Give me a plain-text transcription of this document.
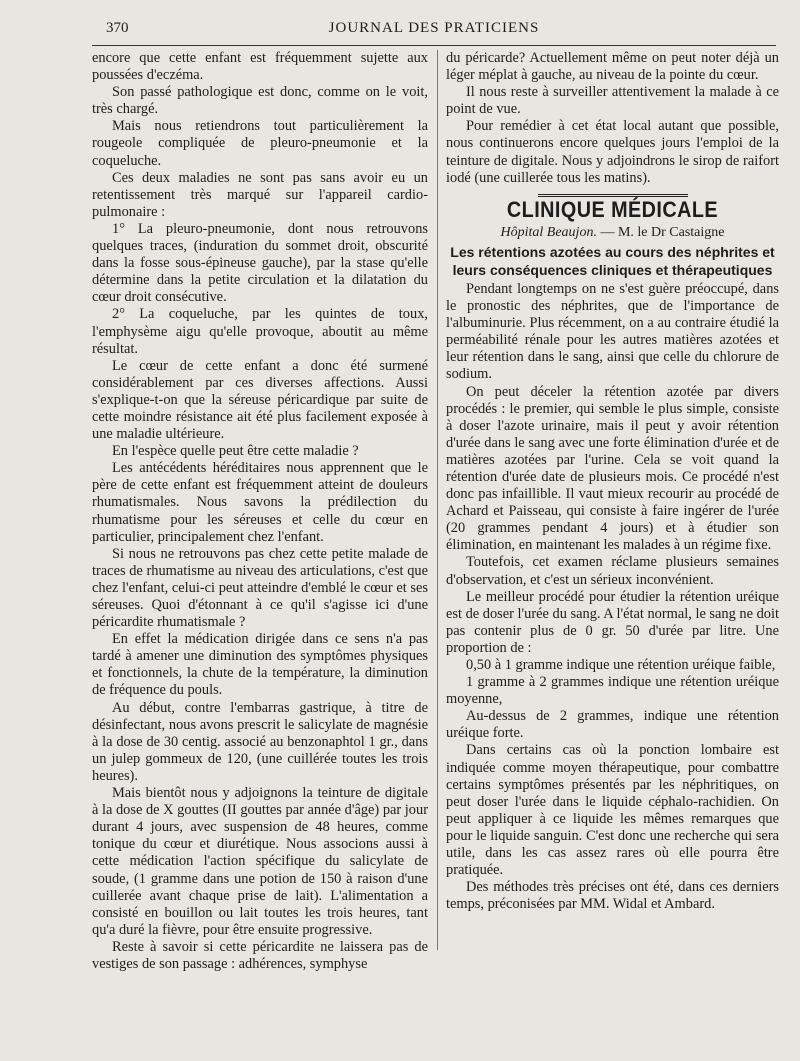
370	JOURNAL DES PRATICIENS

encore que cette enfant est fréquemment sujette aux poussées d'eczéma.

Son passé pathologique est donc, comme on le voit, très chargé.

Mais nous retiendrons tout particulièrement la rougeole compliquée de pleuro-pneumonie et la coqueluche.

Ces deux maladies ne sont pas sans avoir eu un retentissement très marqué sur l'appareil cardio-pulmonaire :

1° La pleuro-pneumonie, dont nous retrouvons quelques traces, (induration du sommet droit, obscurité dans la fosse sous-épineuse gauche), par la stase qu'elle détermine dans la petite circulation et la dilatation du cœur droit consécutive.

2° La coqueluche, par les quintes de toux, l'emphysème aigu qu'elle provoque, aboutit au même résultat.

Le cœur de cette enfant a donc été surmené considérablement par ces diverses affections. Aussi s'explique-t-on que la séreuse péricardique par suite de cette moindre résistance ait été plus facilement exposée à une maladie ultérieure.

En l'espèce quelle peut être cette maladie ?

Les antécédents héréditaires nous apprennent que le père de cette enfant est fréquemment atteint de douleurs rhumatismales. Nous savons la prédilection du rhumatisme pour les séreuses et celle du cœur en particulier, principalement chez l'enfant.

Si nous ne retrouvons pas chez cette petite malade de traces de rhumatisme au niveau des articulations, c'est que chez l'enfant, celui-ci peut atteindre d'emblé le cœur et ses séreuses. Quoi d'étonnant à ce qu'il s'agisse ici d'une péricardite rhumatismale ?

En effet la médication dirigée dans ce sens n'a pas tardé à amener une diminution des symptômes physiques et fonctionnels, la chute de la température, la diminution de fréquence du pouls.

Au début, contre l'embarras gastrique, à titre de désinfectant, nous avons prescrit le salicylate de magnésie à la dose de 30 centig. associé au benzonaphtol 1 gr., dans un julep gommeux de 120, (une cuillérée toutes les trois heures).

Mais bientôt nous y adjoignons la teinture de digitale à la dose de X gouttes (II gouttes par année d'âge) par jour durant 4 jours, avec suspension de 48 heures, comme tonique du cœur et diurétique. Nous associons aussi à cette médication l'action spécifique du salicylate de soude, (1 gramme dans une potion de 150 à raison d'une cuillerée avant chaque prise de lait). L'alimentation a consisté en bouillon ou lait toutes les trois heures, tant qu'a duré la fièvre, pour être ensuite progressive.

Reste à savoir si cette péricardite ne laissera pas de vestiges de son passage : adhérences, symphyse

du péricarde? Actuellement même on peut noter déjà un léger méplat à gauche, au niveau de la pointe du cœur.

Il nous reste à surveiller attentivement la malade à ce point de vue.

Pour remédier à cet état local autant que possible, nous continuerons encore quelques jours l'emploi de la teinture de digitale. Nous y adjoindrons le sirop de raifort iodé (une cuillerée tous les matins).

CLINIQUE MÉDICALE
Hôpital Beaujon. — M. le Dr Castaigne
Les rétentions azotées au cours des néphrites et leurs conséquences cliniques et thérapeutiques

Pendant longtemps on ne s'est guère préoccupé, dans le pronostic des néphrites, que de l'importance de l'albuminurie. Plus récemment, on a au contraire étudié la perméabilité rénale pour les autres matières azotées et leur rétention dans le sang, ainsi que celle du chlorure de sodium.

On peut déceler la rétention azotée par divers procédés : le premier, qui semble le plus simple, consiste à doser l'azote urinaire, mais il peut y avoir rétention d'urée dans le sang avec une forte élimination d'urée et de matières azotées par l'urine. Cela se voit quand la rétention d'urée date de plusieurs mois. Ce procédé n'est donc pas infaillible. Il vaut mieux recourir au procédé de Achard et Paisseau, qui consiste à faire ingérer de l'urée (20 grammes pendant 4 jours) et à étudier son élimination, en maintenant les malades à un régime fixe.

Toutefois, cet examen réclame plusieurs semaines d'observation, et c'est un sérieux inconvénient.

Le meilleur procédé pour étudier la rétention uréique est de doser l'urée du sang. A l'état normal, le sang ne doit pas contenir plus de 0 gr. 50 d'urée par litre. Une proportion de :

0,50 à 1 gramme indique une rétention uréique faible,

1 gramme à 2 grammes indique une rétention uréique moyenne,

Au-dessus de 2 grammes, indique une rétention uréique forte.

Dans certains cas où la ponction lombaire est indiquée comme moyen thérapeutique, pour combattre certains symptômes présentés par les néphritiques, on peut doser l'urée dans le liquide céphalo-rachidien. On peut appliquer à ce liquide les mêmes remarques que pour le liquide sanguin. C'est donc une recherche qui sera utile, dans les cas assez rares où elle pourra être pratiquée.

Des méthodes très précises ont été, dans ces derniers temps, préconisées par MM. Widal et Ambard.
